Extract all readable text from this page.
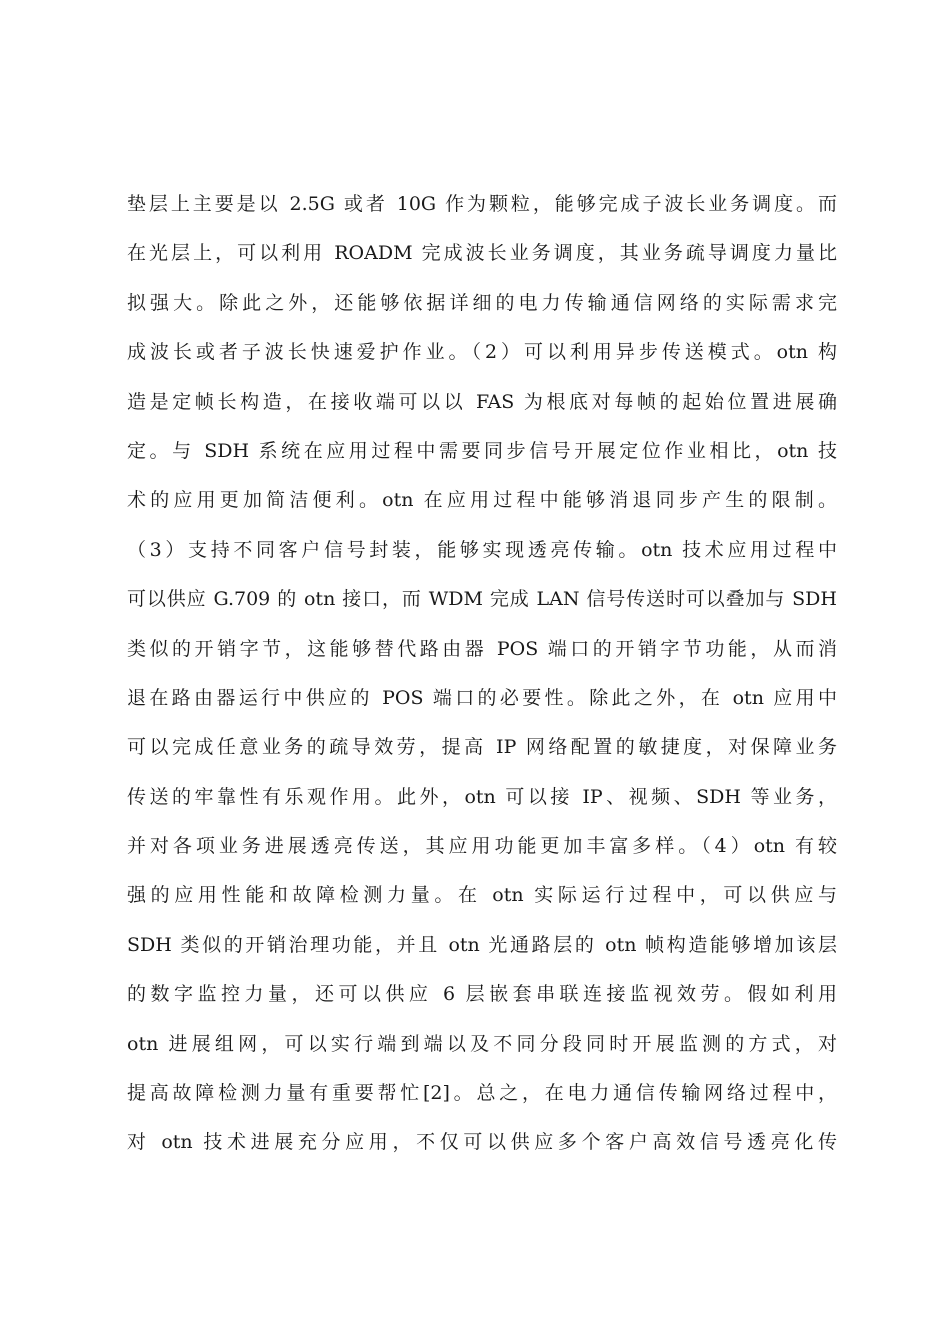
垫层上主要是以 2.5G 或者 10G 作为颗粒，能够完成子波长业务调度。而
在光层上，可以利用 ROADM 完成波长业务调度，其业务疏导调度力量比
拟强大。除此之外，还能够依据详细的电力传输通信网络的实际需求完
成波长或者子波长快速爱护作业。（2）可以利用异步传送模式。otn 构
造是定帧长构造，在接收端可以以 FAS 为根底对每帧的起始位置进展确
定。与 SDH 系统在应用过程中需要同步信号开展定位作业相比，otn 技
术的应用更加简洁便利。otn 在应用过程中能够消退同步产生的限制。
（3）支持不同客户信号封装，能够实现透亮传输。otn 技术应用过程中
可以供应 G.709 的 otn 接口，而 WDM 完成 LAN 信号传送时可以叠加与 SDH
类似的开销字节，这能够替代路由器 POS 端口的开销字节功能，从而消
退在路由器运行中供应的 POS 端口的必要性。除此之外，在 otn 应用中
可以完成任意业务的疏导效劳，提高 IP 网络配置的敏捷度，对保障业务
传送的牢靠性有乐观作用。此外，otn 可以接 IP、视频、SDH 等业务，
并对各项业务进展透亮传送，其应用功能更加丰富多样。（4）otn 有较
强的应用性能和故障检测力量。在 otn 实际运行过程中，可以供应与
SDH 类似的开销治理功能，并且 otn 光通路层的 otn 帧构造能够增加该层
的数字监控力量，还可以供应 6 层嵌套串联连接监视效劳。假如利用
otn 进展组网，可以实行端到端以及不同分段同时开展监测的方式，对
提高故障检测力量有重要帮忙[2]。总之，在电力通信传输网络过程中，
对 otn 技术进展充分应用，不仅可以供应多个客户高效信号透亮化传
